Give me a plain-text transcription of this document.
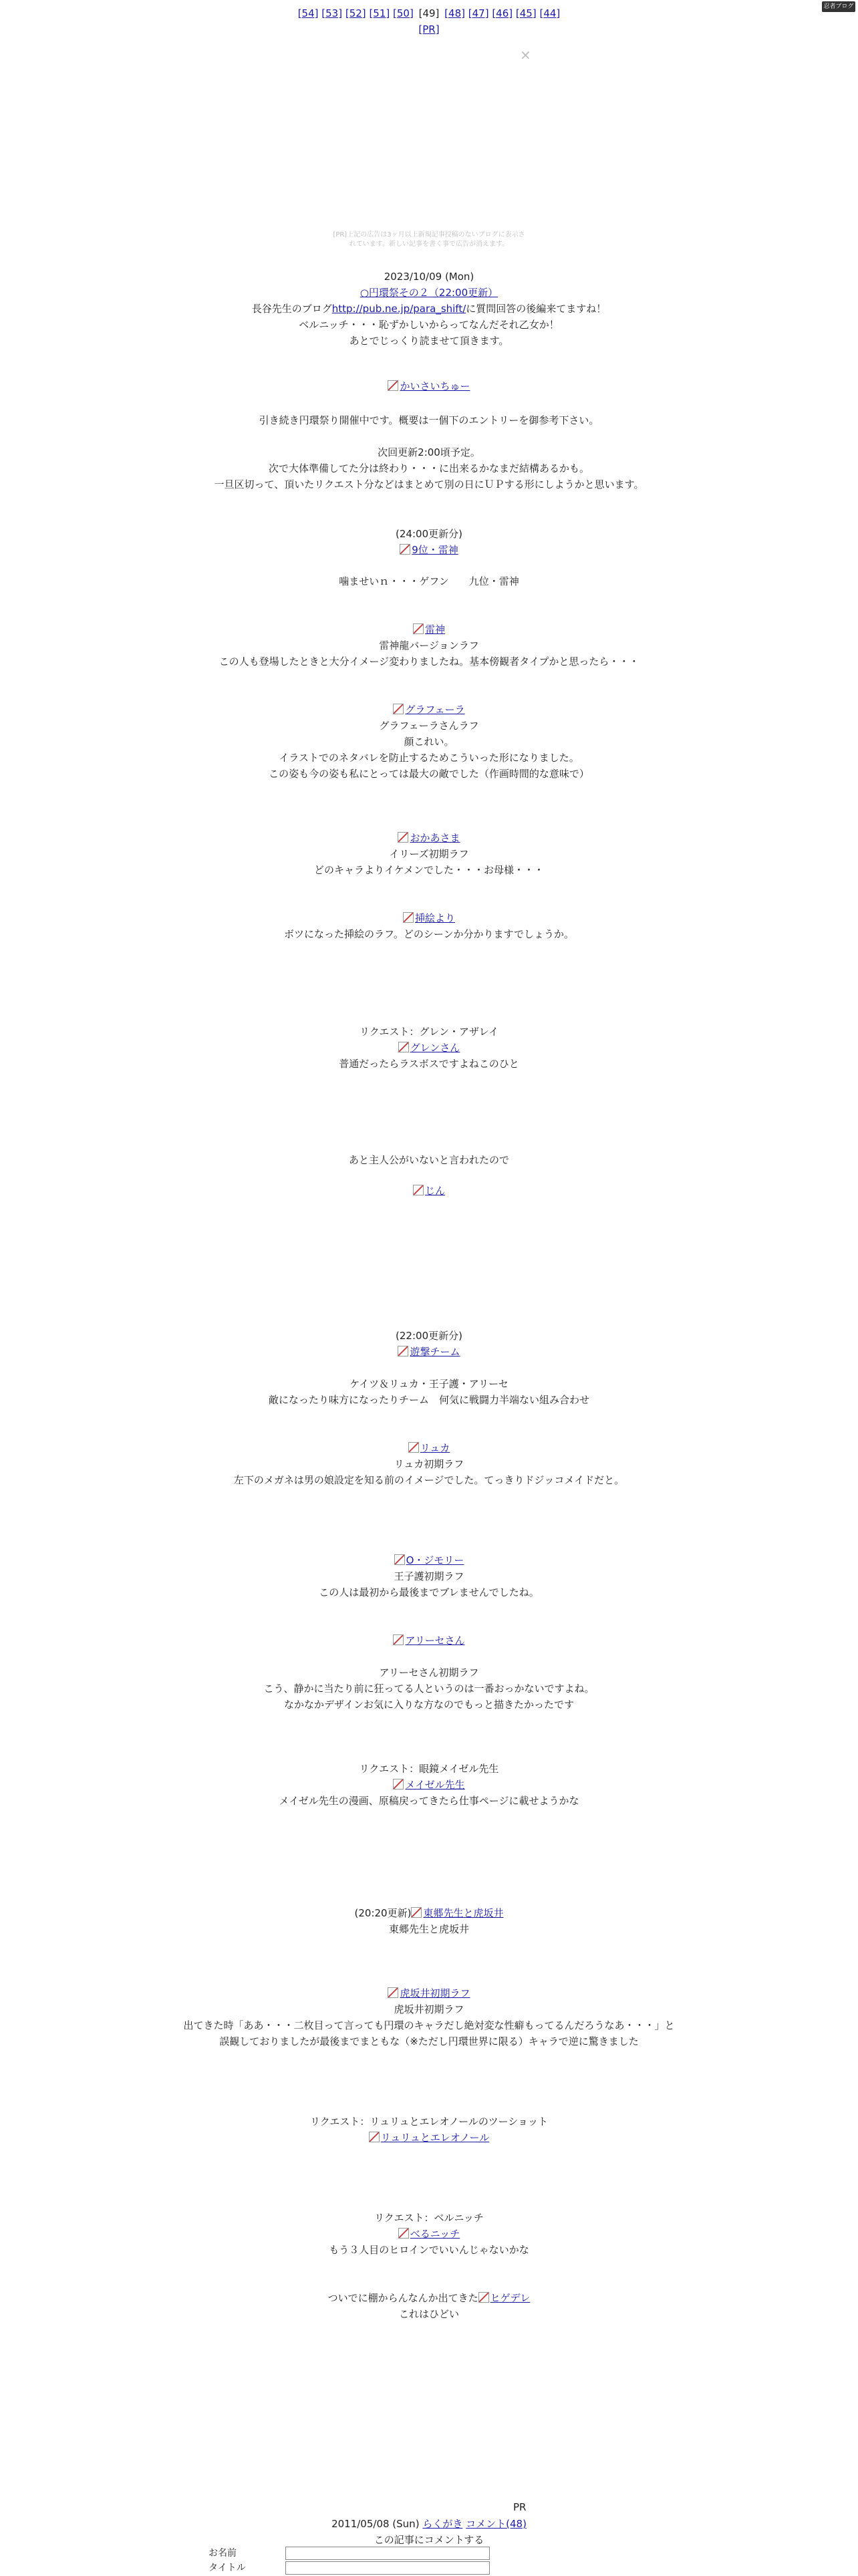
忍者ブログ
[54] [53] [52] [51] [50] [49] [48] [47] [46] [45] [44]
[PR]
×
[PR]上記の広告は3ヶ月以上新規記事投稿のないブログに表示さ
れています。新しい記事を書く事で広告が消えます。
2023/10/09 (Mon)
○円環祭その２（22:00更新）
長谷先生のブログhttp://pub.ne.jp/para_shift/に質問回答の後編来てますね！
ベルニッチ・・・恥ずかしいからってなんだそれ乙女か！
あとでじっくり読ませて頂きます。
かいさいちゅー
引き続き円環祭り開催中です。概要は一個下のエントリーを御参考下さい。
次回更新2:00頃予定。
次で大体準備してた分は終わり・・・に出来るかなまだ結構あるかも。
一旦区切って、頂いたリクエスト分などはまとめて別の日にＵＰする形にしようかと思います。
(24:00更新分)
9位・雷神
噛ませいｎ・・・ゲフン　　九位・雷神
雷神
雷神龍バージョンラフ
この人も登場したときと大分イメージ変わりましたね。基本傍観者タイプかと思ったら・・・
グラフェーラ
グラフェーラさんラフ
顔これい。
イラストでのネタバレを防止するためこういった形になりました。
この姿も今の姿も私にとっては最大の敵でした（作画時間的な意味で）
おかあさま
イリーズ初期ラフ
どのキャラよりイケメンでした・・・お母様・・・
挿絵より
ボツになった挿絵のラフ。どのシーンか分かりますでしょうか。
リクエスト：グレン・アザレイ
グレンさん
普通だったらラスボスですよねこのひと
あと主人公がいないと言われたので
じん
(22:00更新分)
遊撃チーム
ケイツ＆リュカ・王子護・アリーセ
敵になったり味方になったりチーム　何気に戦闘力半端ない組み合わせ
リュカ
リュカ初期ラフ
左下のメガネは男の娘設定を知る前のイメージでした。てっきりドジッコメイドだと。
O・ジモリー
王子護初期ラフ
この人は最初から最後までブレませんでしたね。
アリーセさん
アリーセさん初期ラフ
こう、静かに当たり前に狂ってる人というのは一番おっかないですよね。
なかなかデザインお気に入りな方なのでもっと描きたかったです
リクエスト：眼鏡メイゼル先生
メイゼル先生
メイゼル先生の漫画、原稿戻ってきたら仕事ページに載せようかな
(20:20更新) 東郷先生と虎坂井
東郷先生と虎坂井
虎坂井初期ラフ
虎坂井初期ラフ
出てきた時「ああ・・・二枚目って言っても円環のキャラだし絶対変な性癖もってるんだろうなあ・・・」と
誤観しておりましたが最後までまともな（※ただし円環世界に限る）キャラで逆に驚きました
リクエスト：リュリュとエレオノールのツーショット
リュリュとエレオノール
リクエスト：ベルニッチ
べるニッチ
もう３人目のヒロインでいいんじゃないかな
ついでに棚からんなんか出てきた ヒゲデレ
これはひどい
PR
2011/05/08 (Sun) らくがき コメント(48)
この記事にコメントする
お名前
タイトル
